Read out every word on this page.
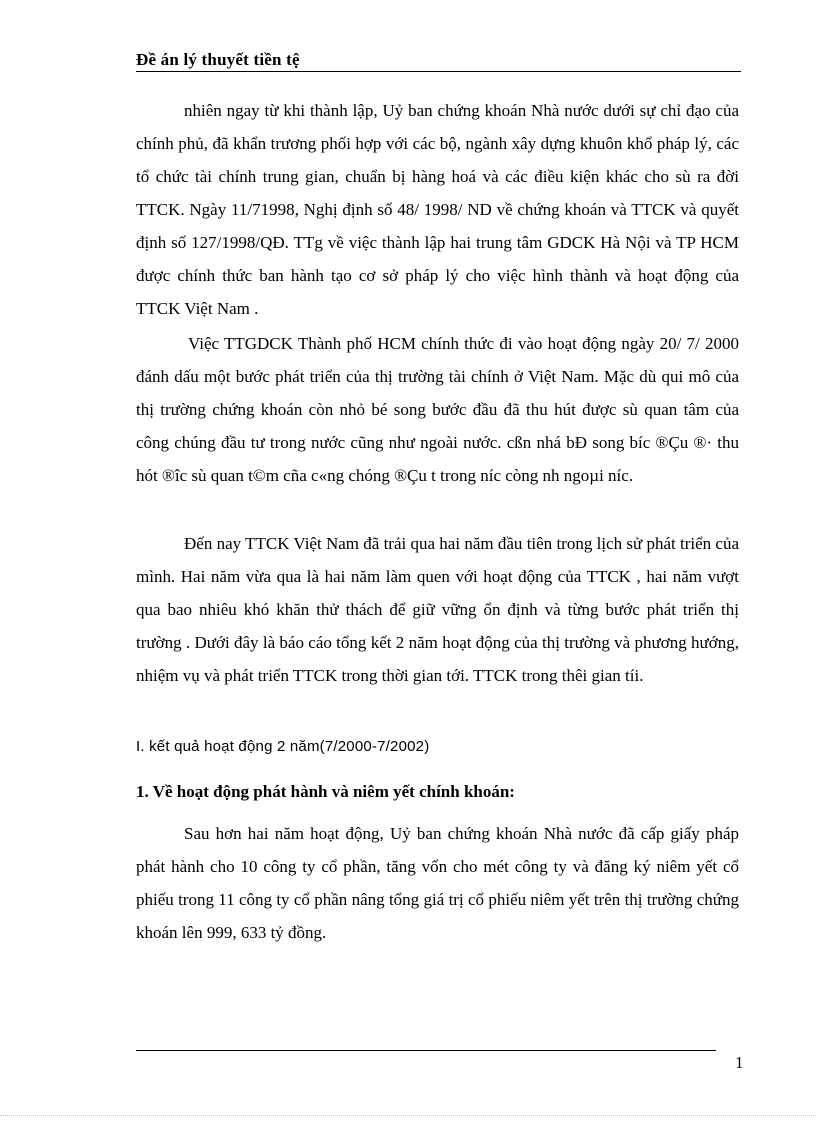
Đề án lý thuyết tiền tệ

nhiên ngay từ khi thành lập, Uỷ ban chứng khoán Nhà nước dưới sự chỉ đạo của chính phủ, đã khẩn trương phối hợp với các bộ, ngành xây dựng khuôn khổ pháp lý, các tổ chức tài chính trung gian, chuẩn bị hàng hoá và các điều kiện khác cho sù ra đời TTCK. Ngày 11/71998, Nghị định số 48/ 1998/ ND về chứng khoán và TTCK và quyết định số 127/1998/QĐ. TTg về việc thành lập hai trung tâm GDCK Hà Nội và TP HCM được chính thức ban hành tạo cơ sở pháp lý cho việc hình thành và hoạt động của TTCK Việt Nam .

Việc TTGDCK Thành phố HCM chính thức đi vào hoạt động ngày 20/ 7/ 2000 đánh dấu một bước phát triển của thị trường tài chính ở Việt Nam. Mặc dù qui mô của thị trường chứng khoán còn nhỏ bé song bước đầu đã thu hút được sù quan tâm của công chúng đầu tư trong nước cũng như ngoài nước. cßn nhá bÐ song bíc ®Çu ®· thu hót ®îc sù quan t©m cña c«ng chóng ®Çu t trong níc còng nh ngoµi níc.

Đến nay TTCK Việt Nam đã trải qua hai năm đầu tiên trong lịch sử phát triển của mình. Hai năm vừa qua là hai năm làm quen với hoạt động của TTCK , hai năm vượt qua bao nhiêu khó khăn thử thách để giữ vững ổn định và từng bước phát triển thị trường . Dưới đây là báo cáo tổng kết 2 năm hoạt động của thị trường và phương hướng, nhiệm vụ và phát triển TTCK trong thời gian tới. TTCK trong thêi gian tíi.

I. kết quả hoạt động 2 năm(7/2000-7/2002)
1. Về hoạt động phát hành và niêm yết chính khoán:

Sau hơn hai năm hoạt động, Uỷ ban chứng khoán Nhà nước đã cấp giấy pháp phát hành cho 10 công ty cổ phần, tăng vốn cho mét công ty và đăng ký niêm yết cổ phiếu trong 11 công ty cổ phần nâng tổng giá trị cổ phiếu niêm yết trên thị trường chứng khoán lên 999, 633 tỷ đồng.

1
